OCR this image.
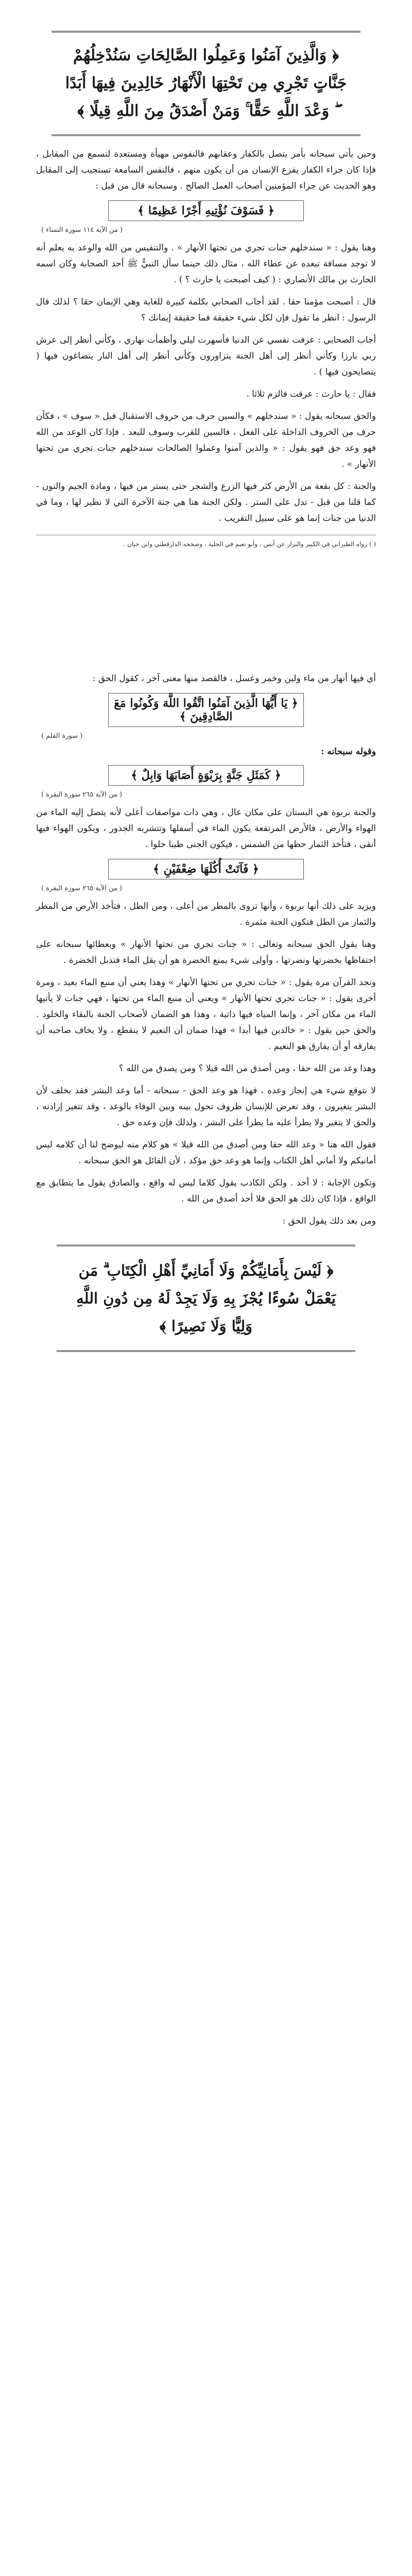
﴿ وَالَّذِينَ آمَنُوا وَعَمِلُوا الصَّالِحَاتِ سَنُدْخِلُهُمْ جَنَّاتٍ تَجْرِي مِن تَحْتِهَا الْأَنْهَارُ خَالِدِينَ فِيهَا أَبَدًا ۖ وَعْدَ اللَّهِ حَقًّا ۚ وَمَنْ أَصْدَقُ مِنَ اللَّهِ قِيلًا ﴾

وحين يأتي سبحانه بأمر يتصل بالكفار وعقابهم فالنفوس مهيأة ومستعدة لتسمع من المقابل ، فإذا كان جزاء الكفار يفزع الإنسان من أن يكون منهم ، فالنفس السامعة تستجيب إلى المقابل وهو الحديث عن جزاء المؤمنين أصحاب العمل الصالح . وسبحانه قال من قبل :

﴿ فَسَوْفَ نُؤْتِيهِ أَجْرًا عَظِيمًا ﴾
( من الآية ١١٤ سورة النساء )

وهنا يقول : « سندخلهم جنات تجري من تحتها الأنهار » . والتنفيس من الله والوعد به يعلم أنه لا توجد مسافة تبعده عن عطاء الله ، مثال ذلك حينما سأل النبيُّ ﷺ أحد الصحابة وكان اسمه الحارث بن مالك الأنصاري : ( كيف أصبحت يا حارث ؟ ) .

قال : أصبحت مؤمنا حقا . لقد أجاب الصحابي بكلمة كبيرة للغاية وهي الإيمان حقا ؟ لذلك قال الرسول : انظر ما تقول فإن لكل شيء حقيقة فما حقيقة إيمانك ؟

أجاب الصحابي : عزفت نفسي عن الدنيا فأسهرت ليلي وأظمأت نهاري ، وكأني أنظر إلى عرش ربي بارزا وكأني أنظر إلى أهل الجنة يتزاورون وكأني أنظر إلى أهل النار يتضاغون فيها ( يتصايحون فيها ) .

فقال : يا حارث : عرفت فالزم ثلاثا .

والحق سبحانه يقول : « سندخلهم » والسين حرف من حروف الاستقبال قبل « سوف » ، فكأن حرف من الحروف الداخلة على الفعل ، فالسين للقرب وسوف للبعد . فإذا كان الوعد من الله فهو وعد حق فهو يقول : « والذين آمنوا وعملوا الصالحات سندخلهم جنات تجري من تحتها الأنهار » .

والجنة : كل بقعة من الأرض كثر فيها الزرع والشجر حتى يستر من فيها ، ومادة الجيم والنون - كما قلنا من قبل - تدل على الستر . ولكن الجنة هنا هي جنة الآخرة التي لا نظير لها ، وما في الدنيا من جنات إنما هو على سبيل التقريب .

( ) رواه الطبراني في الكبير والبزار عن أنس ، وأبو نعيم في الحلية ، وصححه الدارقطني وابن حبان .

أي فيها أنهار من ماء ولبن وخمر وعسل ، فالقصد منها معنى آخر ، كقول الحق :

﴿ يَا أَيُّهَا الَّذِينَ آمَنُوا اتَّقُوا اللَّهَ وَكُونُوا مَعَ الصَّادِقِينَ ﴾
( سورة القلم )

وقوله سبحانه :

﴿ كَمَثَلِ جَنَّةٍ بِرَبْوَةٍ أَصَابَهَا وَابِلٌ ﴾
( من الآية ٢٦٥ سورة البقرة )

والجنة بربوة هي البستان على مكان عال ، وهي ذات مواصفات أعلى لأنه يتصل إليه الماء من الهواء والأرض ، فالأرض المرتفعة يكون الماء في أسفلها وتتشربه الجذور ، ويكون الهواء فيها أنقى ، فتأخذ الثمار حظها من الشمس ، فيكون الجنى طيبا حلوا .

﴿ فَآتَتْ أُكُلَهَا ضِعْفَيْنِ ﴾
( من الآية ٢٦٥ سورة البقرة )

ويزيد على ذلك أنها بربوة ، وأنها تروى بالمطر من أعلى ، ومن الطل ، فتأخذ الأرض من المطر والثمار من الطل فتكون الجنة مثمرة .

وهنا يقول الحق سبحانه وتعالى : « جنات تجري من تحتها الأنهار » وبعطائها سبحانه على احتفاظها بخضرتها ونضرتها ، وأولى شيء يمنع الخضرة هو أن يقل الماء فتذبل الخضرة .

ونجد القرآن مرة يقول : « جنات تجري من تحتها الأنهار » وهذا يعني أن منبع الماء بعيد ، ومرة أخرى يقول : « جنات تجري تحتها الأنهار » ويعني أن منبع الماء من تحتها ، فهي جنات لا يأتيها الماء من مكان آخر ، وإنما المياه فيها ذاتية ، وهذا هو الضمان لأصحاب الجنة بالبقاء والخلود . والحق حين يقول : « خالدين فيها أبدا » فهذا ضمان أن النعيم لا ينقطع ، ولا يخاف صاحبه أن يفارقه أو أن يفارق هو النعيم .

وهذا وعد من الله حقا ، ومن أصدق من الله قيلا ؟ ومن يصدق من الله ؟

لا نتوقع شيء هي إنجاز وعده ، فهذا هو وعد الحق - سبحانه - أما وعد البشر فقد يخلف لأن البشر يتغيرون ، وقد تعرض للإنسان ظروف تحول بينه وبين الوفاء بالوعد ، وقد تتغير إرادته ، والحق لا يتغير ولا يطرأ عليه ما يطرأ على البشر ، ولذلك فإن وعده حق .

فقول الله هنا « وعد الله حقا ومن أصدق من الله قيلا » هو كلام منه ليوضح لنا أن كلامه ليس أمانيكم ولا أماني أهل الكتاب وإنما هو وعد حق مؤكد ، لأن القائل هو الحق سبحانه .

وتكون الإجابة : لا أحد . ولكن الكاذب يقول كلاما ليس له واقع ، والصادق يقول ما يتطابق مع الواقع ، فإذا كان ذلك هو الحق فلا أحد أصدق من الله .

ومن بعد ذلك يقول الحق :

﴿ لَيْسَ بِأَمَانِيِّكُمْ وَلَا أَمَانِيِّ أَهْلِ الْكِتَابِ ۗ مَن يَعْمَلْ سُوءًا يُجْزَ بِهِ وَلَا يَجِدْ لَهُ مِن دُونِ اللَّهِ وَلِيًّا وَلَا نَصِيرًا ﴾
